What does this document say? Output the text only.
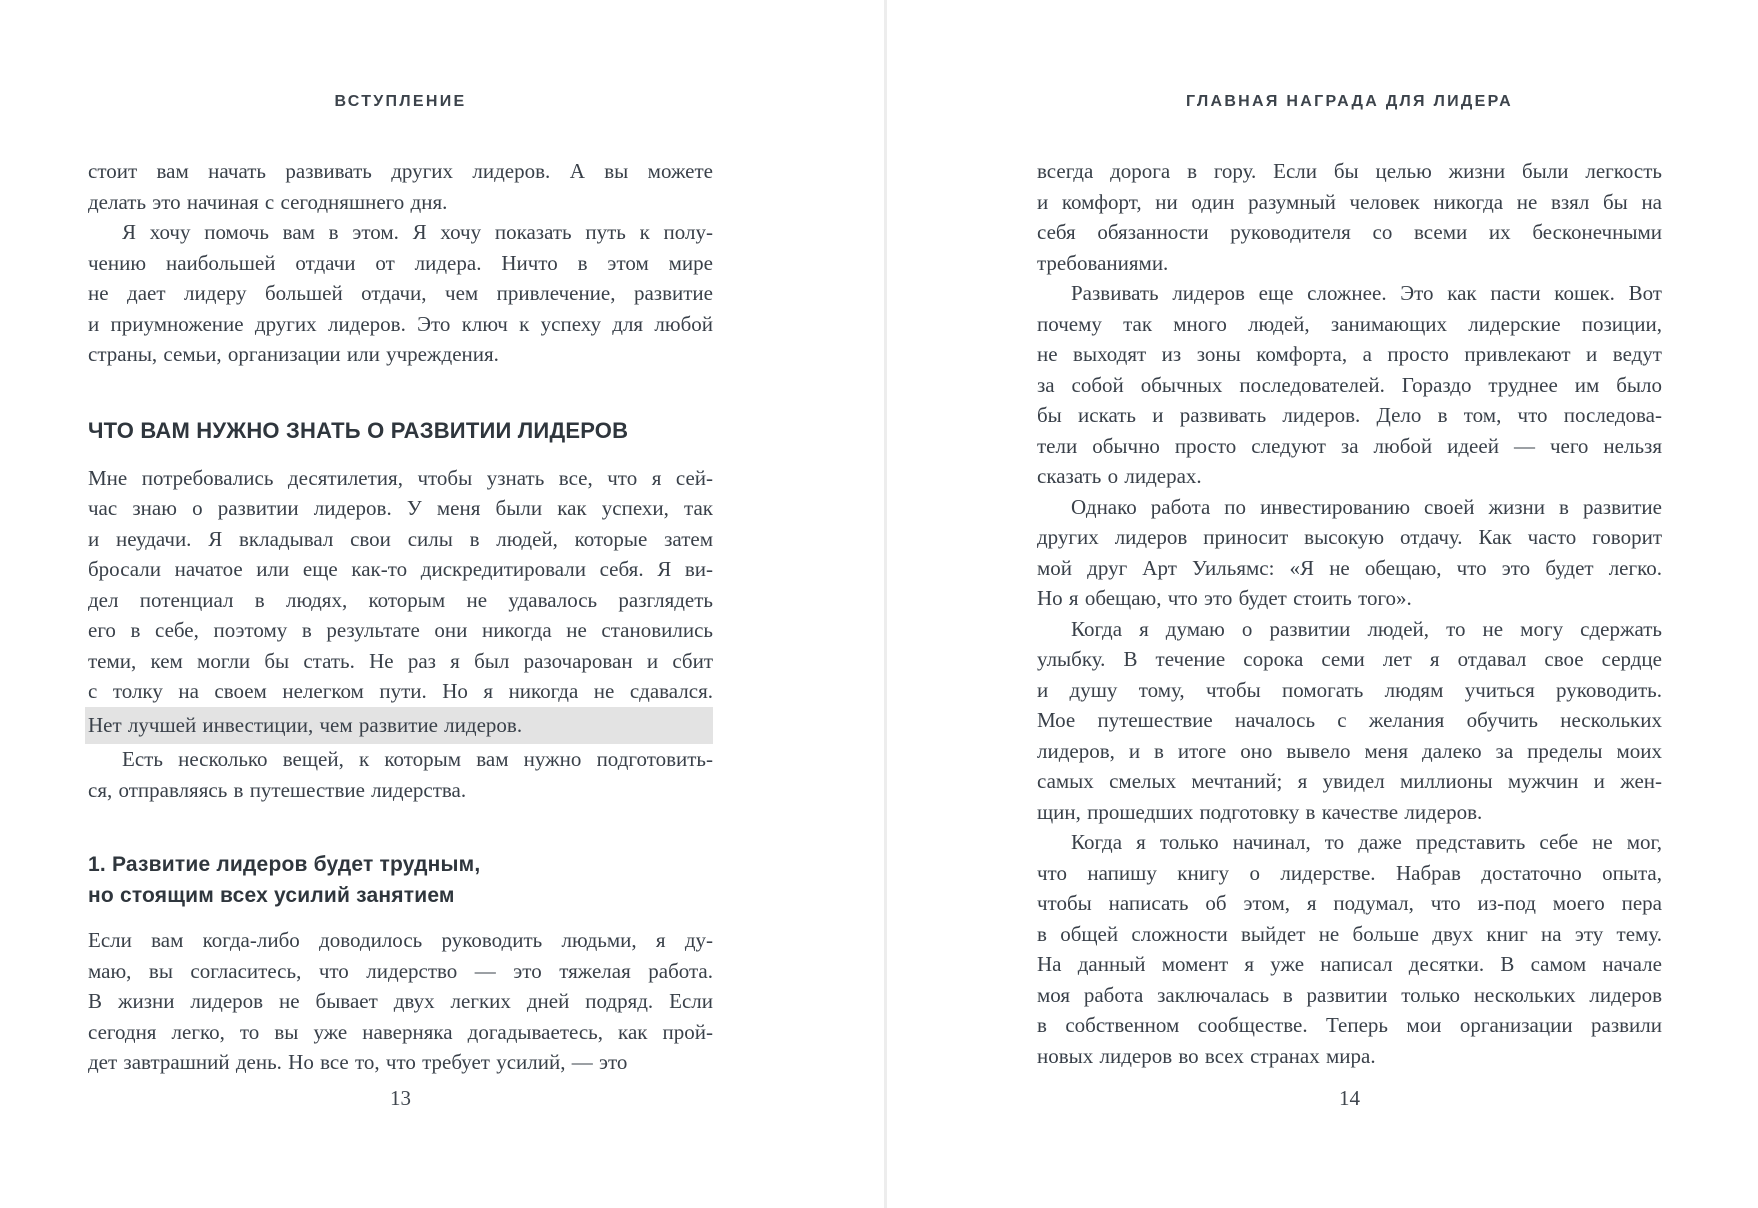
ВСТУПЛЕНИЕ
стоит вам начать развивать других лидеров. А вы можете
делать это начиная с сегодняшнего дня.
Я хочу помочь вам в этом. Я хочу показать путь к полу-
чению наибольшей отдачи от лидера. Ничто в этом мире
не дает лидеру большей отдачи, чем привлечение, развитие
и приумножение других лидеров. Это ключ к успеху для любой
страны, семьи, организации или учреждения.
ЧТО ВАМ НУЖНО ЗНАТЬ О РАЗВИТИИ ЛИДЕРОВ
Мне потребовались десятилетия, чтобы узнать все, что я сей-
час знаю о развитии лидеров. У меня были как успехи, так
и неудачи. Я вкладывал свои силы в людей, которые затем
бросали начатое или еще как-то дискредитировали себя. Я ви-
дел потенциал в людях, которым не удавалось разглядеть
его в себе, поэтому в результате они никогда не становились
теми, кем могли бы стать. Не раз я был разочарован и сбит
с толку на своем нелегком пути. Но я никогда не сдавался.
Нет лучшей инвестиции, чем развитие лидеров.
Есть несколько вещей, к которым вам нужно подготовить-
ся, отправляясь в путешествие лидерства.
1. Развитие лидеров будет трудным,
но стоящим всех усилий занятием
Если вам когда-либо доводилось руководить людьми, я ду-
маю, вы согласитесь, что лидерство — это тяжелая работа.
В жизни лидеров не бывает двух легких дней подряд. Если
сегодня легко, то вы уже наверняка догадываетесь, как прой-
дет завтрашний день. Но все то, что требует усилий, — это
13
ГЛАВНАЯ НАГРАДА ДЛЯ ЛИДЕРА
всегда дорога в гору. Если бы целью жизни были легкость
и комфорт, ни один разумный человек никогда не взял бы на
себя обязанности руководителя со всеми их бесконечными
требованиями.
Развивать лидеров еще сложнее. Это как пасти кошек. Вот
почему так много людей, занимающих лидерские позиции,
не выходят из зоны комфорта, а просто привлекают и ведут
за собой обычных последователей. Гораздо труднее им было
бы искать и развивать лидеров. Дело в том, что последова-
тели обычно просто следуют за любой идеей — чего нельзя
сказать о лидерах.
Однако работа по инвестированию своей жизни в развитие
других лидеров приносит высокую отдачу. Как часто говорит
мой друг Арт Уильямс: «Я не обещаю, что это будет легко.
Но я обещаю, что это будет стоить того».
Когда я думаю о развитии людей, то не могу сдержать
улыбку. В течение сорока семи лет я отдавал свое сердце
и душу тому, чтобы помогать людям учиться руководить.
Мое путешествие началось с желания обучить нескольких
лидеров, и в итоге оно вывело меня далеко за пределы моих
самых смелых мечтаний; я увидел миллионы мужчин и жен-
щин, прошедших подготовку в качестве лидеров.
Когда я только начинал, то даже представить себе не мог,
что напишу книгу о лидерстве. Набрав достаточно опыта,
чтобы написать об этом, я подумал, что из-под моего пера
в общей сложности выйдет не больше двух книг на эту тему.
На данный момент я уже написал десятки. В самом начале
моя работа заключалась в развитии только нескольких лидеров
в собственном сообществе. Теперь мои организации развили
новых лидеров во всех странах мира.
14
